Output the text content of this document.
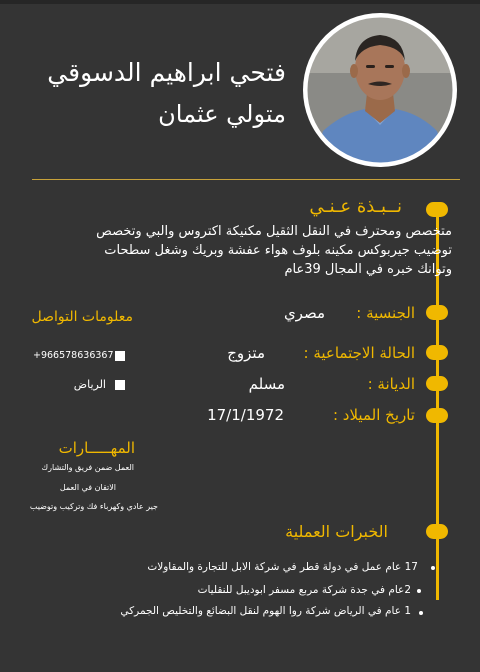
فتحي ابراهيم الدسوقي
متولي عثمان
نــبـذة عـنـي
متخصص ومحترف في النقل الثقيل مكنيكة اكتروس والبي وتخصص
توضيب جيربوكس مكينه بلوف هواء عفشة وبريك وشغل سطحات
وتوانك خبره في المجال 39عام
الجنسية :
مصري
الحالة الاجتماعية :
متزوج
الديانة :
مسلم
تاريخ الميلاد :
17/1/1972
معلومات التواصل
+966578636367
الرياض
المهـــــارات
العمل ضمن فريق والتشارك
الاتقان في العمل
جير عادي وكهرباء فك وتركيب وتوضيب
الخبرات العملية
17 عام عمل في دولة قطر في شركة الابل للتجارة والمقاولات
2عام في جدة شركة مربع مسفر ابوديبل للنقليات
1 عام في الرياض شركة روا الهوم لنقل البضائع والتخليص الجمركي
